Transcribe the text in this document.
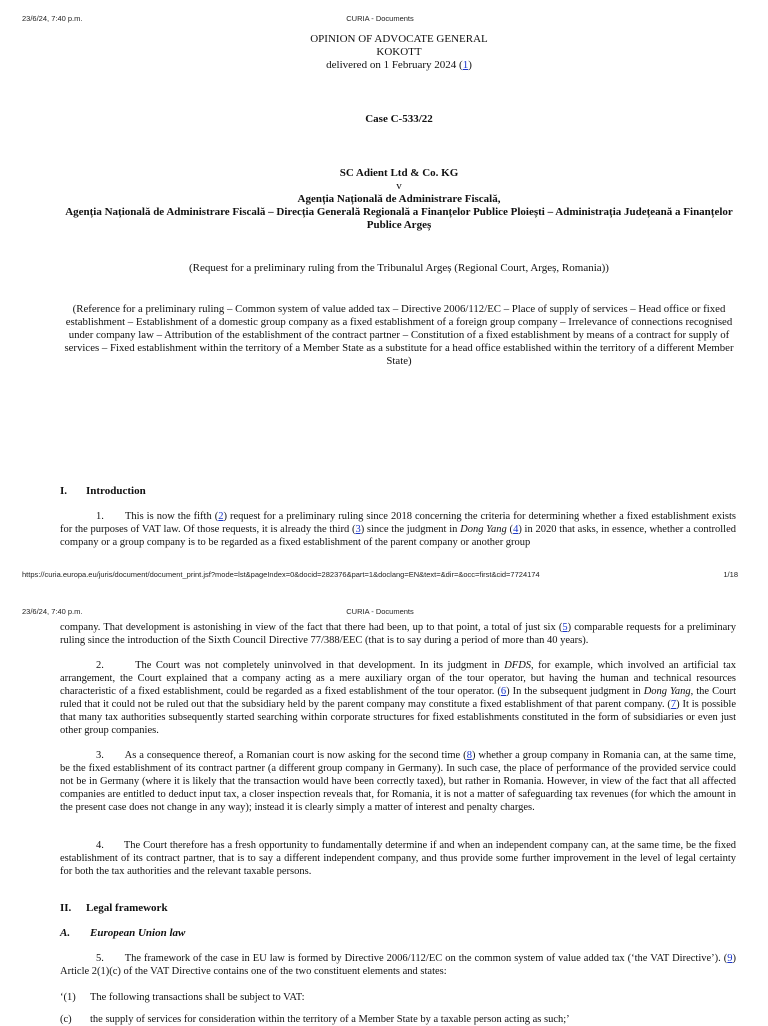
23/6/24, 7:40 p.m.	CURIA - Documents
OPINION OF ADVOCATE GENERAL
KOKOTT
delivered on 1 February 2024 (1)
Case C‑533/22
SC Adient Ltd & Co. KG
v
Agenția Națională de Administrare Fiscală,
Agenția Națională de Administrare Fiscală – Direcția Generală Regională a Finanțelor Publice Ploiești – Administrația Județeană a Finanțelor Publice Argeș
(Request for a preliminary ruling from the Tribunalul Argeș (Regional Court, Argeș, Romania))
(Reference for a preliminary ruling – Common system of value added tax – Directive 2006/112/EC – Place of supply of services – Head office or fixed establishment – Establishment of a domestic group company as a fixed establishment of a foreign group company – Irrelevance of connections recognised under company law – Attribution of the establishment of the contract partner – Constitution of a fixed establishment by means of a contract for supply of services – Fixed establishment within the territory of a Member State as a substitute for a head office established within the territory of a different Member State)
I. Introduction

1. This is now the fifth (2) request for a preliminary ruling since 2018 concerning the criteria for determining whether a fixed establishment exists for the purposes of VAT law. Of those requests, it is already the third (3) since the judgment in Dong Yang (4) in 2020 that asks, in essence, whether a controlled company or a group company is to be regarded as a fixed establishment of the parent company or another group

https://curia.europa.eu/juris/document/document_print.jsf?mode=lst&pageIndex=0&docid=282376&part=1&doclang=EN&text=&dir=&occ=first&cid=7724174	1/18
23/6/24, 7:40 p.m.	CURIA - Documents

company. That development is astonishing in view of the fact that there had been, up to that point, a total of just six (5) comparable requests for a preliminary ruling since the introduction of the Sixth Council Directive 77/388/EEC (that is to say during a period of more than 40 years).

2.	The Court was not completely uninvolved in that development. In its judgment in DFDS, for example, which involved an artificial tax arrangement, the Court explained that a company acting as a mere auxiliary organ of the tour operator, but having the human and technical resources characteristic of a fixed establishment, could be regarded as a fixed establishment of the tour operator. (6) In the subsequent judgment in Dong Yang, the Court ruled that it could not be ruled out that the subsidiary held by the parent company may constitute a fixed establishment of that parent company. (7) It is possible that many tax authorities subsequently started searching within corporate structures for fixed establishments constituted in the form of subsidiaries or even just other group companies.

3. As a consequence thereof, a Romanian court is now asking for the second time (8) whether a group company in Romania can, at the same time, be the fixed establishment of its contract partner (a different group company in Germany). In such case, the place of performance of the provided service could not be in Germany (where it is likely that the transaction would have been correctly taxed), but rather in Romania. However, in view of the fact that all affected companies are entitled to deduct input tax, a closer inspection reveals that, for Romania, it is not a matter of safeguarding tax revenues (for which the amount in the present case does not change in any way); instead it is clearly simply a matter of interest and penalty charges.

4. The Court therefore has a fresh opportunity to fundamentally determine if and when an independent company can, at the same time, be the fixed establishment of its contract partner, that is to say a different independent company, and thus provide some further improvement in the level of legal certainty for both the tax authorities and the relevant taxable persons.

II. Legal framework
A. European Union law

5. The framework of the case in EU law is formed by Directive 2006/112/EC on the common system of value added tax (‘the VAT Directive’). (9) Article 2(1)(c) of the VAT Directive contains one of the two constituent elements and states:

‘(1) The following transactions shall be subject to VAT:
(c) the supply of services for consideration within the territory of a Member State by a taxable person acting as such;’
